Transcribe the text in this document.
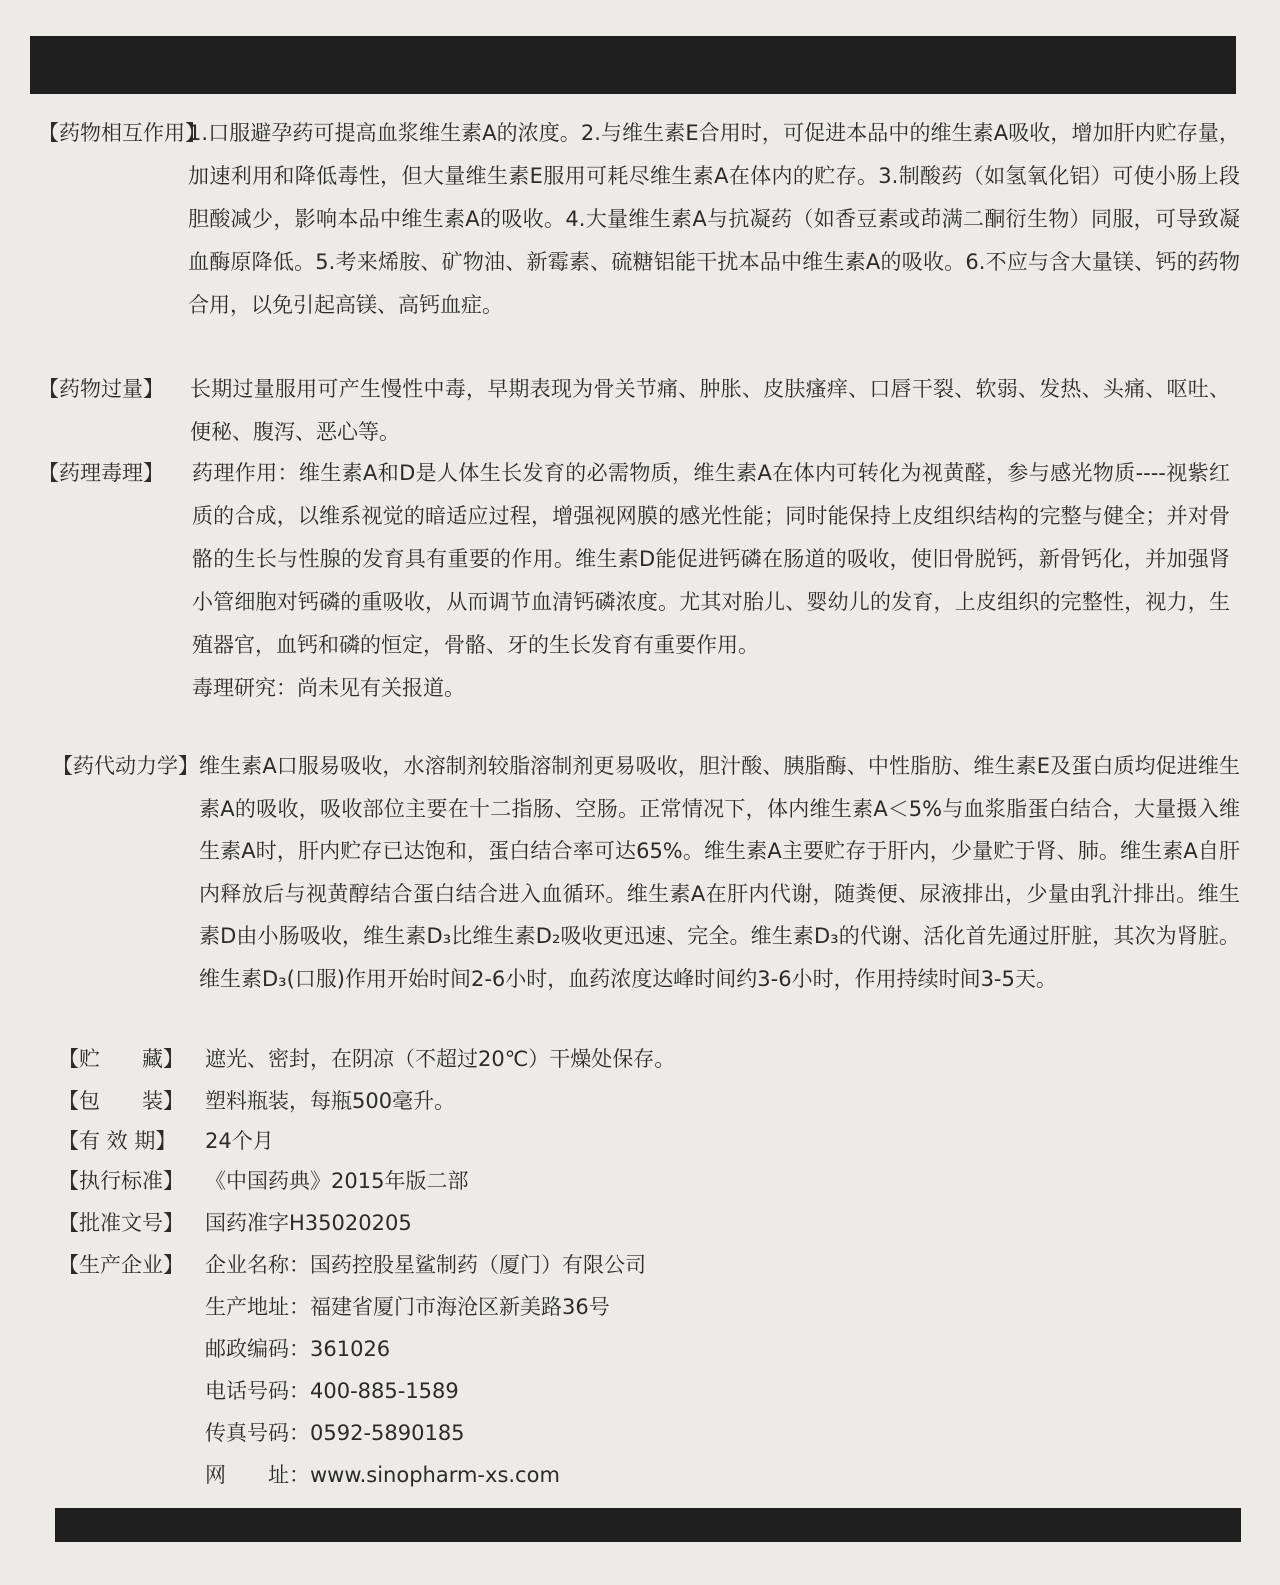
【药物相互作用】

1.口服避孕药可提高血浆维生素A的浓度。2.与维生素E合用时，可促进本品中的维生素A吸收，增加肝内贮存量，加速利用和降低毒性，但大量维生素E服用可耗尽维生素A在体内的贮存。3.制酸药（如氢氧化铝）可使小肠上段胆酸减少，影响本品中维生素A的吸收。4.大量维生素A与抗凝药（如香豆素或茚满二酮衍生物）同服，可导致凝血酶原降低。5.考来烯胺、矿物油、新霉素、硫糖铝能干扰本品中维生素A的吸收。6.不应与含大量镁、钙的药物合用，以免引起高镁、高钙血症。

【药物过量】 长期过量服用可产生慢性中毒，早期表现为骨关节痛、肿胀、皮肤瘙痒、口唇干裂、软弱、发热、头痛、呕吐、便秘、腹泻、恶心等。

【药理毒理】 药理作用：维生素A和D是人体生长发育的必需物质，维生素A在体内可转化为视黄醛，参与感光物质----视紫红质的合成，以维系视觉的暗适应过程，增强视网膜的感光性能；同时能保持上皮组织结构的完整与健全；并对骨骼的生长与性腺的发育具有重要的作用。维生素D能促进钙磷在肠道的吸收，使旧骨脱钙，新骨钙化，并加强肾小管细胞对钙磷的重吸收，从而调节血清钙磷浓度。尤其对胎儿、婴幼儿的发育，上皮组织的完整性，视力，生殖器官，血钙和磷的恒定，骨骼、牙的生长发育有重要作用。

毒理研究：尚未见有关报道。

【药代动力学】 维生素A口服易吸收，水溶制剂较脂溶制剂更易吸收，胆汁酸、胰脂酶、中性脂肪、维生素E及蛋白质均促进维生素A的吸收，吸收部位主要在十二指肠、空肠。正常情况下，体内维生素A＜5%与血浆脂蛋白结合，大量摄入维生素A时，肝内贮存已达饱和，蛋白结合率可达65%。维生素A主要贮存于肝内，少量贮于肾、肺。维生素A自肝内释放后与视黄醇结合蛋白结合进入血循环。维生素A在肝内代谢，随粪便、尿液排出，少量由乳汁排出。维生素D由小肠吸收，维生素D₃比维生素D₂吸收更迅速、完全。维生素D₃的代谢、活化首先通过肝脏，其次为肾脏。维生素D₃(口服)作用开始时间2-6小时，血药浓度达峰时间约3-6小时，作用持续时间3-5天。

【贮　　藏】 遮光、密封，在阴凉（不超过20℃）干燥处保存。

【包　　装】 塑料瓶装，每瓶500毫升。

【有 效 期】 24个月

【执行标准】 《中国药典》2015年版二部

【批准文号】 国药准字H35020205

【生产企业】 企业名称：国药控股星鲨制药（厦门）有限公司

生产地址：福建省厦门市海沧区新美路36号

邮政编码：361026

电话号码：400-885-1589

传真号码：0592-5890185

网　　址：www.sinopharm-xs.com
